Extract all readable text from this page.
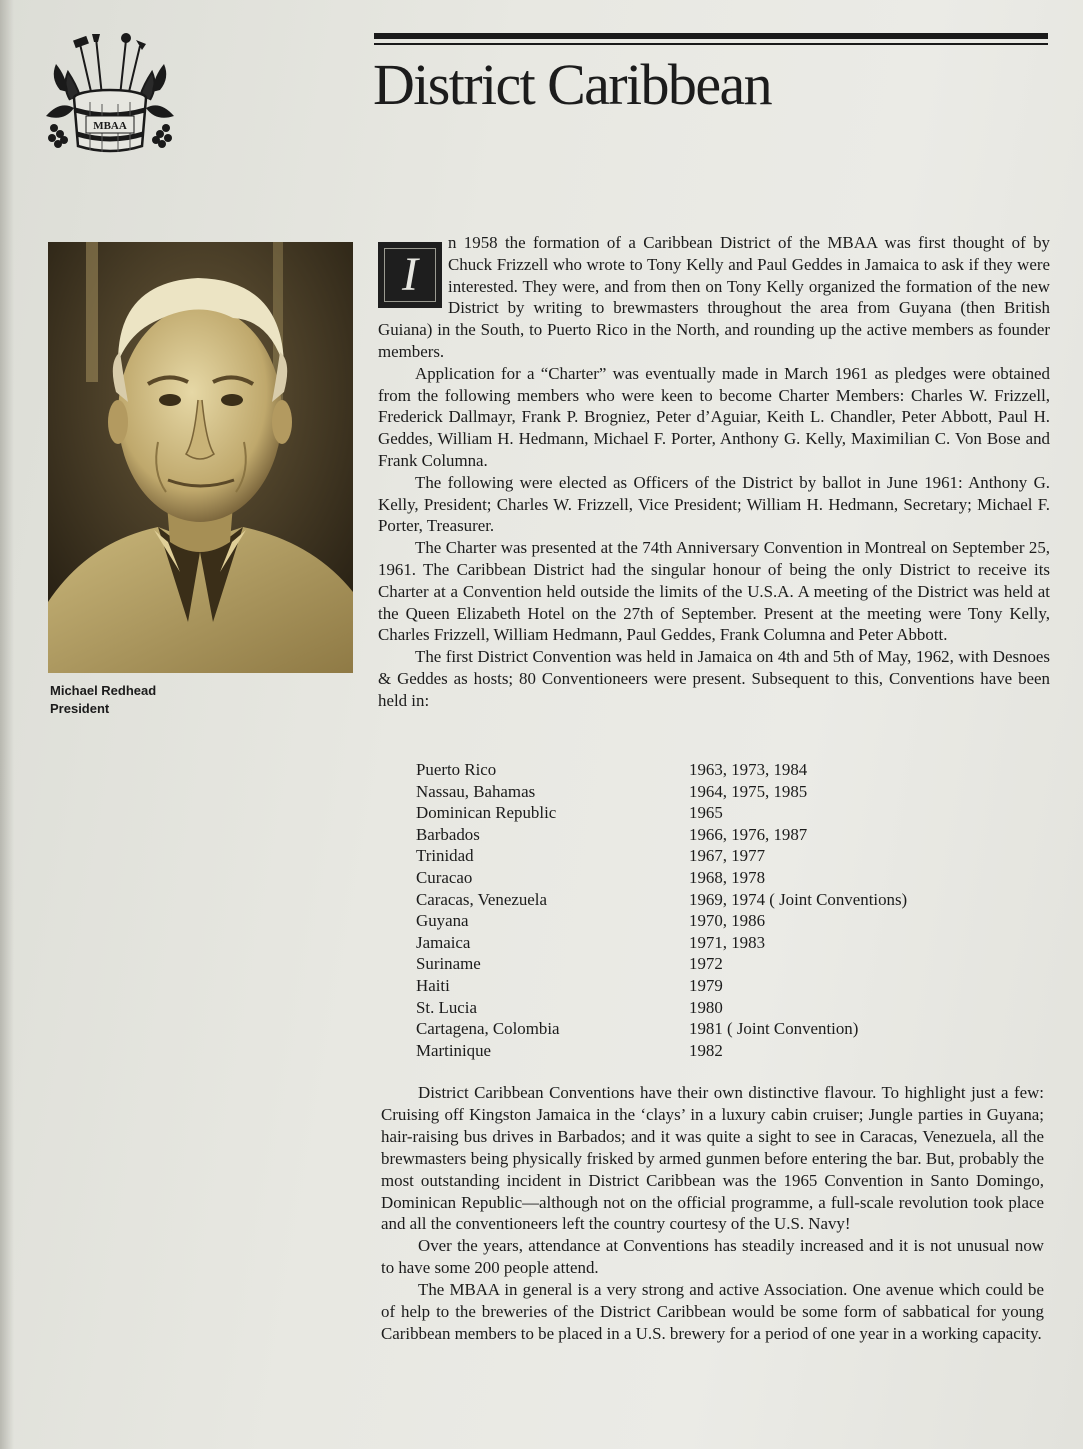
MBAA
District Caribbean
Michael Redhead
President
I

n 1958 the formation of a Caribbean District of the MBAA was first thought of by Chuck Frizzell who wrote to Tony Kelly and Paul Geddes in Jamaica to ask if they were interested. They were, and from then on Tony Kelly organized the formation of the new District by writing to brewmasters throughout the area from Guyana (then British Guiana) in the South, to Puerto Rico in the North, and rounding up the active members as founder members.

Application for a “Charter” was eventually made in March 1961 as pledges were obtained from the following members who were keen to become Charter Members: Charles W. Frizzell, Frederick Dallmayr, Frank P. Brogniez, Peter d’Aguiar, Keith L. Chandler, Peter Abbott, Paul H. Geddes, William H. Hedmann, Michael F. Porter, Anthony G. Kelly, Maximilian C. Von Bose and Frank Columna.

The following were elected as Officers of the District by ballot in June 1961: Anthony G. Kelly, President; Charles W. Frizzell, Vice President; William H. Hedmann, Secretary; Michael F. Porter, Treasurer.

The Charter was presented at the 74th Anniversary Convention in Montreal on September 25, 1961. The Caribbean District had the singular honour of being the only District to receive its Charter at a Convention held outside the limits of the U.S.A. A meeting of the District was held at the Queen Elizabeth Hotel on the 27th of September. Present at the meeting were Tony Kelly, Charles Frizzell, William Hedmann, Paul Geddes, Frank Columna and Peter Abbott.

The first District Convention was held in Jamaica on 4th and 5th of May, 1962, with Desnoes & Geddes as hosts; 80 Conventioneers were present. Subsequent to this, Conventions have been held in:

Puerto Rico	1963, 1973, 1984
Nassau, Bahamas	1964, 1975, 1985
Dominican Republic	1965
Barbados	1966, 1976, 1987
Trinidad	1967, 1977
Curacao	1968, 1978
Caracas, Venezuela	1969, 1974 ( Joint Conventions)
Guyana	1970, 1986
Jamaica	1971, 1983
Suriname	1972
Haiti	1979
St. Lucia	1980
Cartagena, Colombia	1981 ( Joint Convention)
Martinique	1982

District Caribbean Conventions have their own distinctive flavour. To highlight just a few: Cruising off Kingston Jamaica in the ‘clays’ in a luxury cabin cruiser; Jungle parties in Guyana; hair-raising bus drives in Barbados; and it was quite a sight to see in Caracas, Venezuela, all the brewmasters being physically frisked by armed gunmen before entering the bar. But, probably the most outstanding incident in District Caribbean was the 1965 Convention in Santo Domingo, Dominican Republic—although not on the official programme, a full-scale revolution took place and all the conventioneers left the country courtesy of the U.S. Navy!

Over the years, attendance at Conventions has steadily increased and it is not unusual now to have some 200 people attend.

The MBAA in general is a very strong and active Association. One avenue which could be of help to the breweries of the District Caribbean would be some form of sabbatical for young Caribbean members to be placed in a U.S. brewery for a period of one year in a working capacity.
